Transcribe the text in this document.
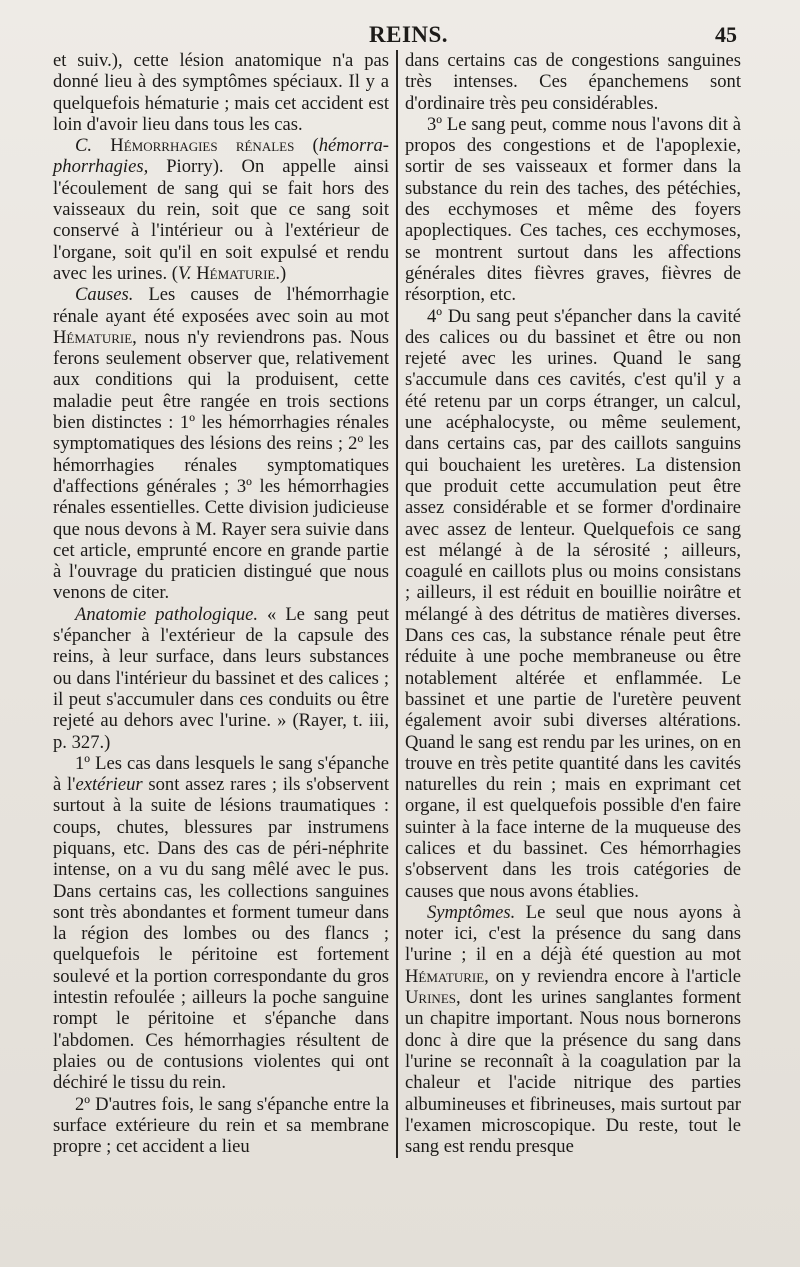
REINS.	45

et suiv.), cette lésion anatomique n'a pas donné lieu à des symptômes spéciaux. Il y a quelquefois hématurie ; mais cet accident est loin d'avoir lieu dans tous les cas.

C. Hémorrhagies rénales (hémorra-phorrhagies, Piorry). On appelle ainsi l'écoulement de sang qui se fait hors des vaisseaux du rein, soit que ce sang soit conservé à l'intérieur ou à l'extérieur de l'organe, soit qu'il en soit expulsé et rendu avec les urines. (V. Hématurie.)

Causes. Les causes de l'hémorrhagie rénale ayant été exposées avec soin au mot Hématurie, nous n'y reviendrons pas. Nous ferons seulement observer que, relativement aux conditions qui la produisent, cette maladie peut être rangée en trois sections bien distinctes : 1º les hémorrhagies rénales symptomatiques des lésions des reins ; 2º les hémorrhagies rénales symptomatiques d'affections générales ; 3º les hémorrhagies rénales essentielles. Cette division judicieuse que nous devons à M. Rayer sera suivie dans cet article, emprunté encore en grande partie à l'ouvrage du praticien distingué que nous venons de citer.

Anatomie pathologique. « Le sang peut s'épancher à l'extérieur de la capsule des reins, à leur surface, dans leurs substances ou dans l'intérieur du bassinet et des calices ; il peut s'accumuler dans ces conduits ou être rejeté au dehors avec l'urine. » (Rayer, t. iii, p. 327.)

1º Les cas dans lesquels le sang s'épanche à l'extérieur sont assez rares ; ils s'observent surtout à la suite de lésions traumatiques : coups, chutes, blessures par instrumens piquans, etc. Dans des cas de péri-néphrite intense, on a vu du sang mêlé avec le pus. Dans certains cas, les collections sanguines sont très abondantes et forment tumeur dans la région des lombes ou des flancs ; quelquefois le péritoine est fortement soulevé et la portion correspondante du gros intestin refoulée ; ailleurs la poche sanguine rompt le péritoine et s'épanche dans l'abdomen. Ces hémorrhagies résultent de plaies ou de contusions violentes qui ont déchiré le tissu du rein.

2º D'autres fois, le sang s'épanche entre la surface extérieure du rein et sa membrane propre ; cet accident a lieu

dans certains cas de congestions sanguines très intenses. Ces épanchemens sont d'ordinaire très peu considérables.

3º Le sang peut, comme nous l'avons dit à propos des congestions et de l'apoplexie, sortir de ses vaisseaux et former dans la substance du rein des taches, des pétéchies, des ecchymoses et même des foyers apoplectiques. Ces taches, ces ecchymoses, se montrent surtout dans les affections générales dites fièvres graves, fièvres de résorption, etc.

4º Du sang peut s'épancher dans la cavité des calices ou du bassinet et être ou non rejeté avec les urines. Quand le sang s'accumule dans ces cavités, c'est qu'il y a été retenu par un corps étranger, un calcul, une acéphalocyste, ou même seulement, dans certains cas, par des caillots sanguins qui bouchaient les uretères. La distension que produit cette accumulation peut être assez considérable et se former d'ordinaire avec assez de lenteur. Quelquefois ce sang est mélangé à de la sérosité ; ailleurs, coagulé en caillots plus ou moins consistans ; ailleurs, il est réduit en bouillie noirâtre et mélangé à des détritus de matières diverses. Dans ces cas, la substance rénale peut être réduite à une poche membraneuse ou être notablement altérée et enflammée. Le bassinet et une partie de l'uretère peuvent également avoir subi diverses altérations. Quand le sang est rendu par les urines, on en trouve en très petite quantité dans les cavités naturelles du rein ; mais en exprimant cet organe, il est quelquefois possible d'en faire suinter à la face interne de la muqueuse des calices et du bassinet. Ces hémorrhagies s'observent dans les trois catégories de causes que nous avons établies.

Symptômes. Le seul que nous ayons à noter ici, c'est la présence du sang dans l'urine ; il en a déjà été question au mot Hématurie, on y reviendra encore à l'article Urines, dont les urines sanglantes forment un chapitre important. Nous nous bornerons donc à dire que la présence du sang dans l'urine se reconnaît à la coagulation par la chaleur et l'acide nitrique des parties albumineuses et fibrineuses, mais surtout par l'examen microscopique. Du reste, tout le sang est rendu presque
